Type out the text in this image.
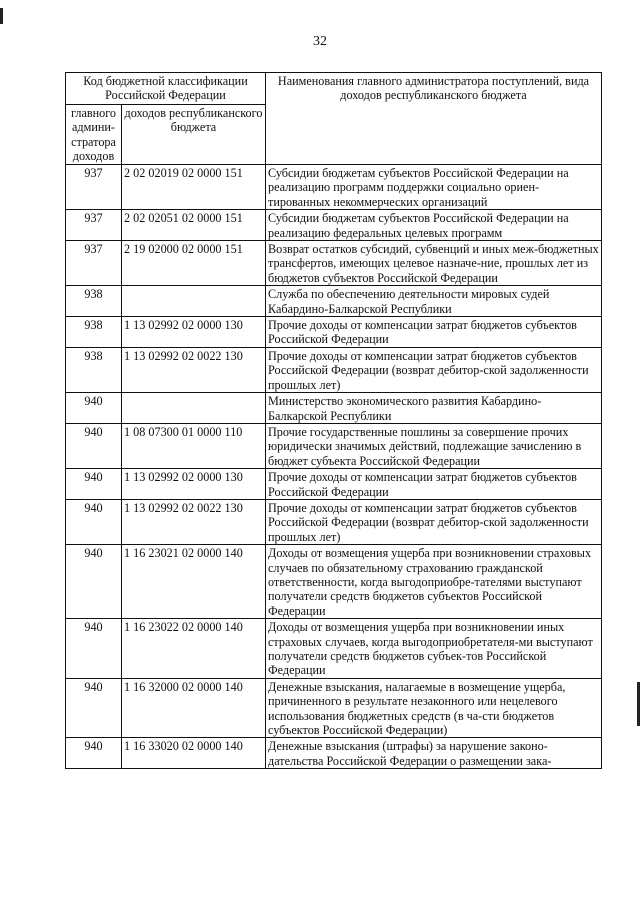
32
Код бюджетной классификации Российской Федерации		Наименования главного администратора поступлений, вида доходов республиканского бюджета
главного админи-стратора доходов	доходов республиканского бюджета	
937	2 02 02019 02 0000 151	Субсидии бюджетам субъектов Российской Федерации на реализацию программ поддержки социально ориен-тированных некоммерческих организаций
937	2 02 02051 02 0000 151	Субсидии бюджетам субъектов Российской Федерации на реализацию федеральных целевых программ
937	2 19 02000 02 0000 151	Возврат остатков субсидий, субвенций и иных меж-бюджетных трансфертов, имеющих целевое назначе-ние, прошлых лет из бюджетов субъектов Российской Федерации
938		Служба по обеспечению деятельности мировых судей Кабардино-Балкарской Республики
938	1 13 02992 02 0000 130	Прочие доходы от компенсации затрат бюджетов субъектов Российской Федерации
938	1 13 02992 02 0022 130	Прочие доходы от компенсации затрат бюджетов субъектов Российской Федерации (возврат дебитор-ской задолженности прошлых лет)
940		Министерство экономического развития Кабардино-Балкарской Республики
940	1 08 07300 01 0000 110	Прочие государственные пошлины за совершение прочих юридически значимых действий, подлежащие зачислению в бюджет субъекта Российской Федерации
940	1 13 02992 02 0000 130	Прочие доходы от компенсации затрат бюджетов субъектов Российской Федерации
940	1 13 02992 02 0022 130	Прочие доходы от компенсации затрат бюджетов субъектов Российской Федерации (возврат дебитор-ской задолженности прошлых лет)
940	1 16 23021 02 0000 140	Доходы от возмещения ущерба при возникновении страховых случаев по обязательному страхованию гражданской ответственности, когда выгодоприобре-тателями выступают получатели средств бюджетов субъектов Российской Федерации
940	1 16 23022 02 0000 140	Доходы от возмещения ущерба при возникновении иных страховых случаев, когда выгодоприобретателя-ми выступают получатели средств бюджетов субъек-тов Российской Федерации
940	1 16 32000 02 0000 140	Денежные взыскания, налагаемые в возмещение ущерба, причиненного в результате незаконного или нецелевого использования бюджетных средств (в ча-сти бюджетов субъектов Российской Федерации)
940	1 16 33020 02 0000 140	Денежные взыскания (штрафы) за нарушение законо-дательства Российской Федерации о размещении зака-
